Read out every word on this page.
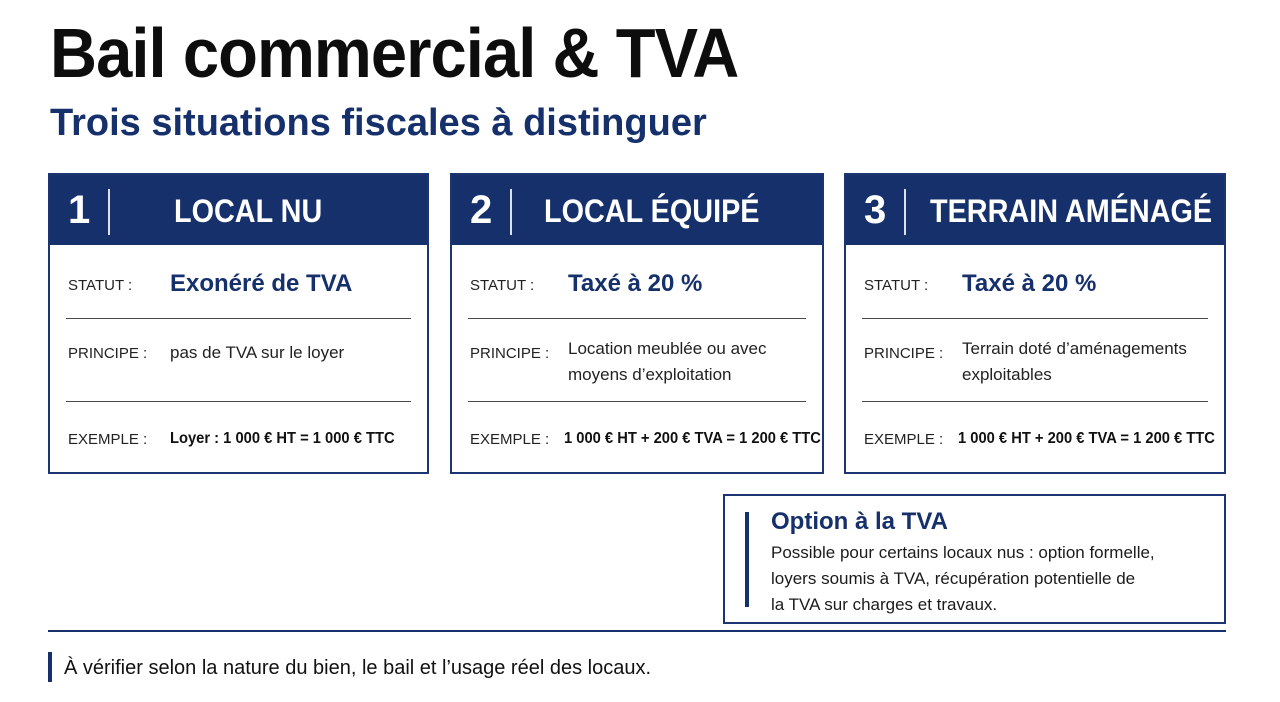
Bail commercial & TVA
Trois situations fiscales à distinguer
1	LOCAL NU
STATUT : Exonéré de TVA
PRINCIPE : pas de TVA sur le loyer
EXEMPLE : Loyer : 1 000 € HT = 1 000 € TTC
2 LOCAL ÉQUIPÉ
STATUT : Taxé à 20 %
PRINCIPE : Location meublée ou avec
moyens d’exploitation
EXEMPLE : 1 000 € HT + 200 € TVA = 1 200 € TTC
3 TERRAIN AMÉNAGÉ
STATUT : Taxé à 20 %
PRINCIPE : Terrain doté d’aménagements
exploitables
EXEMPLE : 1 000 € HT + 200 € TVA = 1 200 € TTC
Option à la TVA
Possible pour certains locaux nus : option formelle,
loyers soumis à TVA, récupération potentielle de
la TVA sur charges et travaux.
À vérifier selon la nature du bien, le bail et l’usage réel des locaux.
